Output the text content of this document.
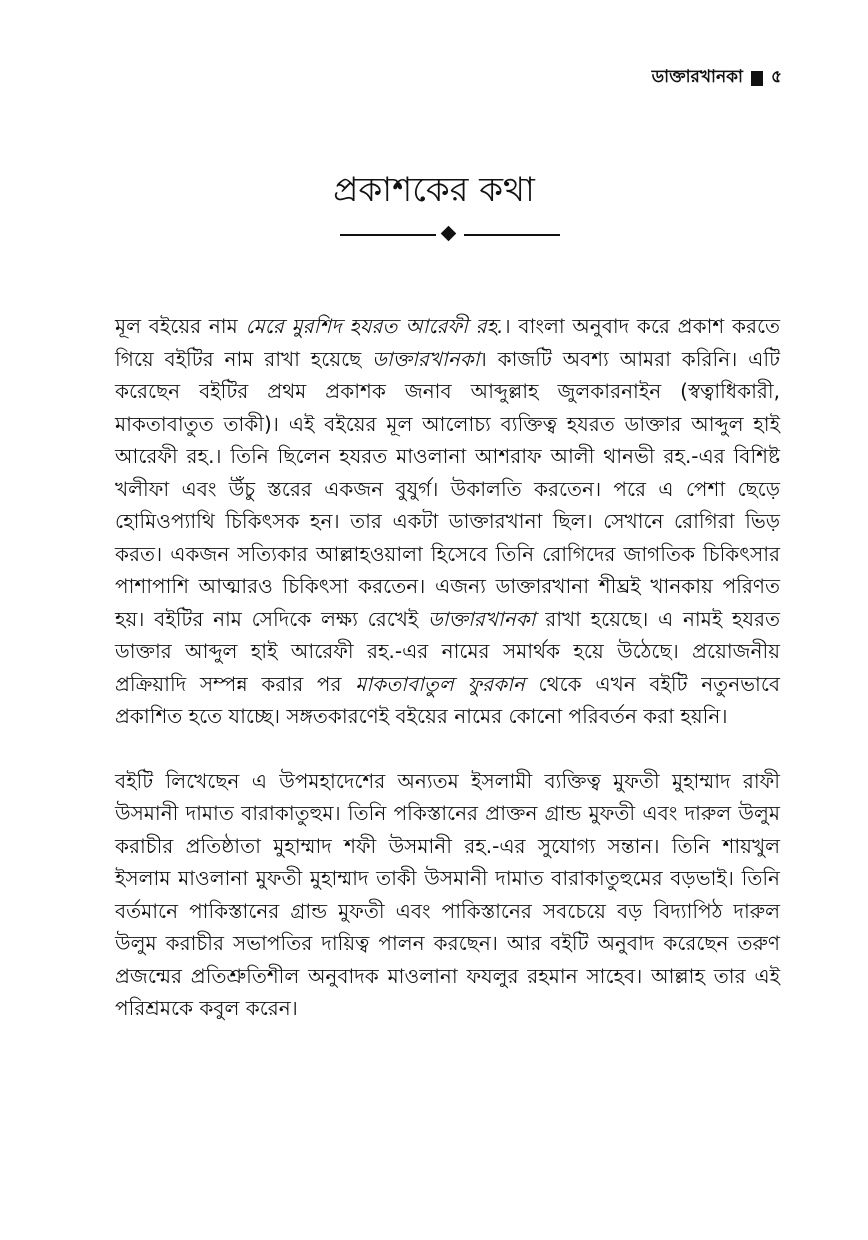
ডাক্তারখানকা ৫
প্রকাশকের কথা

মূল বইয়ের নাম মেরে মুরশিদ হযরত আরেফী রহ.। বাংলা অনুবাদ করে প্রকাশ করতে গিয়ে বইটির নাম রাখা হয়েছে ডাক্তারখানকা। কাজটি অবশ্য আমরা করিনি। এটি করেছেন বইটির প্রথম প্রকাশক জনাব আব্দুল্লাহ জুলকারনাইন (স্বত্বাধিকারী, মাকতাবাতুত তাকী)। এই বইয়ের মূল আলোচ্য ব্যক্তিত্ব হযরত ডাক্তার আব্দুল হাই আরেফী রহ.। তিনি ছিলেন হযরত মাওলানা আশরাফ আলী থানভী রহ.-এর বিশিষ্ট খলীফা এবং উঁচু স্তরের একজন বুযুর্গ। উকালতি করতেন। পরে এ পেশা ছেড়ে হোমিওপ্যাথি চিকিৎসক হন। তার একটা ডাক্তারখানা ছিল। সেখানে রোগিরা ভিড় করত। একজন সত্যিকার আল্লাহওয়ালা হিসেবে তিনি রোগিদের জাগতিক চিকিৎসার পাশাপাশি আত্মারও চিকিৎসা করতেন। এজন্য ডাক্তারখানা শীঘ্রই খানকায় পরিণত হয়। বইটির নাম সেদিকে লক্ষ্য রেখেই ডাক্তারখানকা রাখা হয়েছে। এ নামই হযরত ডাক্তার আব্দুল হাই আরেফী রহ.-এর নামের সমার্থক হয়ে উঠেছে। প্রয়োজনীয় প্রক্রিয়াদি সম্পন্ন করার পর মাকতাবাতুল ফুরকান থেকে এখন বইটি নতুনভাবে প্রকাশিত হতে যাচ্ছে। সঙ্গতকারণেই বইয়ের নামের কোনো পরিবর্তন করা হয়নি।

বইটি লিখেছেন এ উপমহাদেশের অন্যতম ইসলামী ব্যক্তিত্ব মুফতী মুহাম্মাদ রাফী উসমানী দামাত বারাকাতুহুম। তিনি পকিস্তানের প্রাক্তন গ্রান্ড মুফতী এবং দারুল উলুম করাচীর প্রতিষ্ঠাতা মুহাম্মাদ শফী উসমানী রহ.-এর সুযোগ্য সন্তান। তিনি শায়খুল ইসলাম মাওলানা মুফতী মুহাম্মাদ তাকী উসমানী দামাত বারাকাতুহুমের বড়ভাই। তিনি বর্তমানে পাকিস্তানের গ্রান্ড মুফতী এবং পাকিস্তানের সবচেয়ে বড় বিদ্যাপিঠ দারুল উলুম করাচীর সভাপতির দায়িত্ব পালন করছেন। আর বইটি অনুবাদ করেছেন তরুণ প্রজন্মের প্রতিশ্রুতিশীল অনুবাদক মাওলানা ফযলুর রহমান সাহেব। আল্লাহ তার এই পরিশ্রমকে কবুল করেন।
